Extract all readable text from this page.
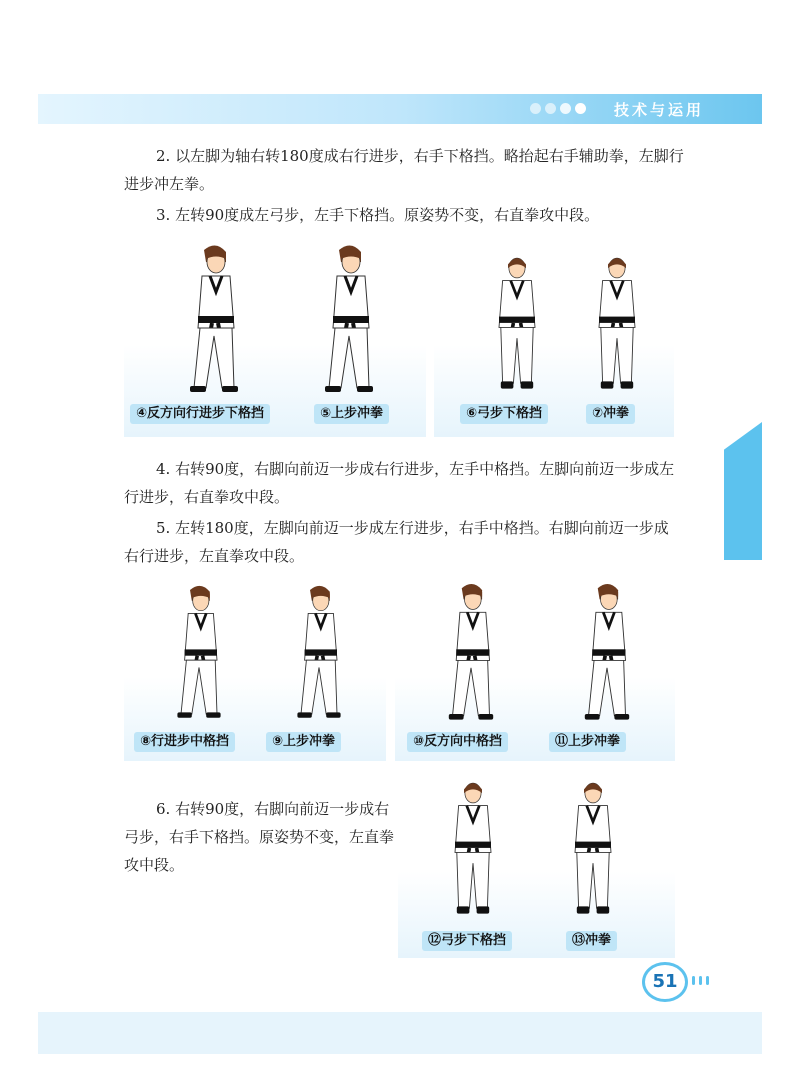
技术与运用

2. 以左脚为轴右转180度成右行进步，右手下格挡。略抬起右手辅助拳，左脚行进步冲左拳。

3. 左转90度成左弓步，左手下格挡。原姿势不变，右直拳攻中段。

④反方向行进步下格挡	⑤上步冲拳	⑥弓步下格挡	⑦冲拳

4. 右转90度，右脚向前迈一步成右行进步，左手中格挡。左脚向前迈一步成左行进步，右直拳攻中段。

5. 左转180度，左脚向前迈一步成左行进步，右手中格挡。右脚向前迈一步成右行进步，左直拳攻中段。

⑧行进步中格挡	⑨上步冲拳	⑩反方向中格挡	⑪上步冲拳

6. 右转90度，右脚向前迈一步成右弓步，右手下格挡。原姿势不变，左直拳攻中段。

⑫弓步下格挡	⑬冲拳
51
